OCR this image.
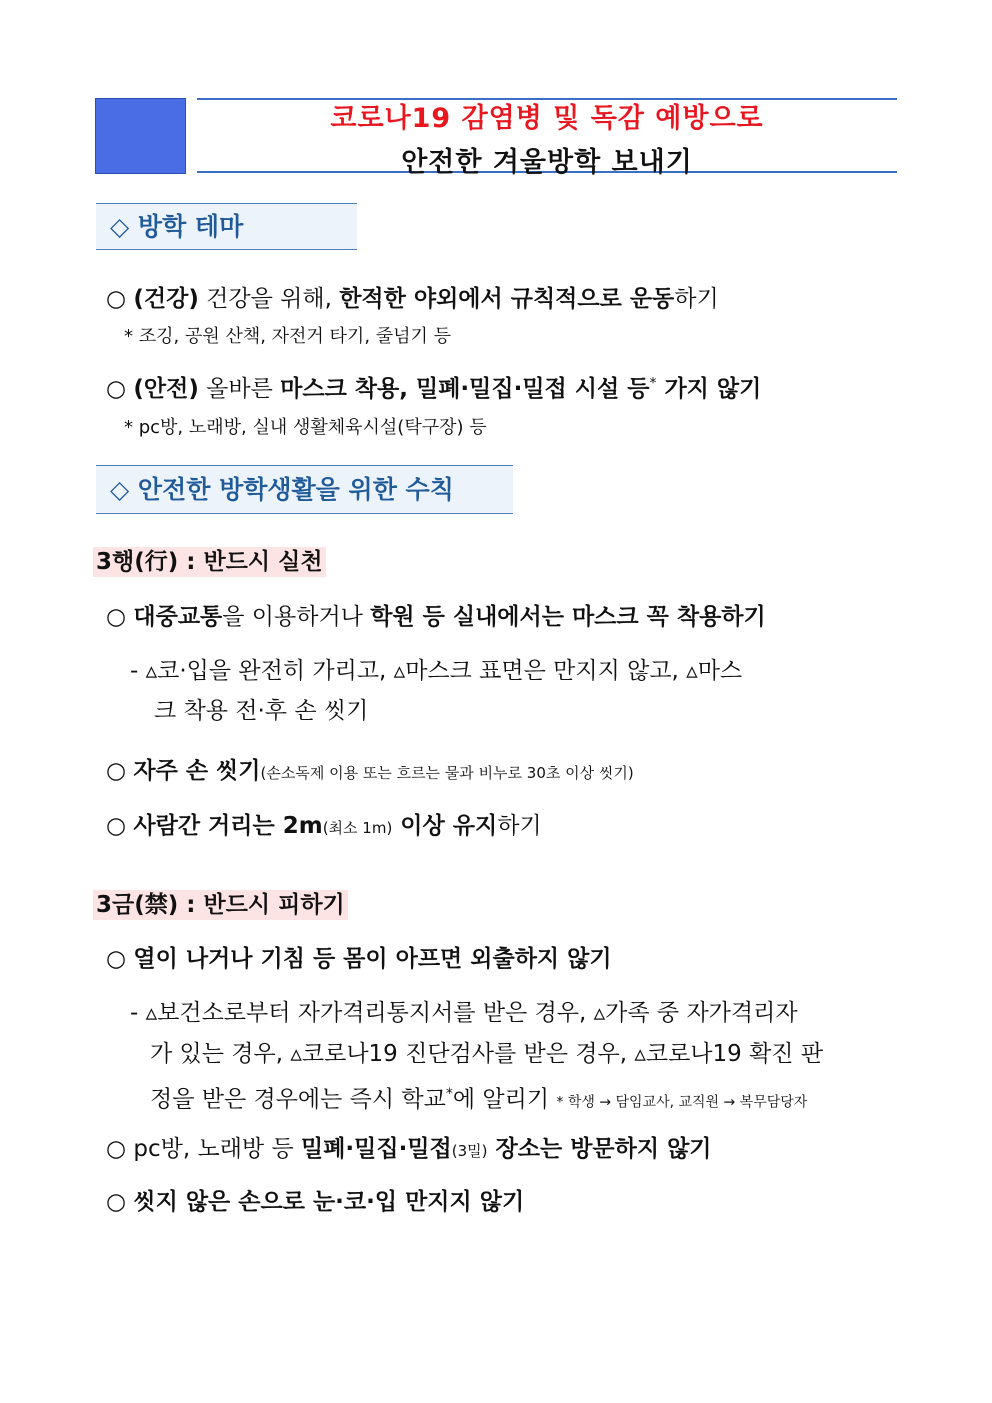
코로나19 감염병 및 독감 예방으로
안전한 겨울방학 보내기
◇ 방학 테마
○ (건강) 건강을 위해, 한적한 야외에서 규칙적으로 운동하기
* 조깅, 공원 산책, 자전거 타기, 줄넘기 등
○ (안전) 올바른 마스크 착용, 밀폐·밀집·밀접 시설 등* 가지 않기
* pc방, 노래방, 실내 생활체육시설(탁구장) 등
◇ 안전한 방학생활을 위한 수칙
3행(行) : 반드시 실천
○ 대중교통을 이용하거나 학원 등 실내에서는 마스크 꼭 착용하기
- ▵코·입을 완전히 가리고, ▵마스크 표면은 만지지 않고, ▵마스
크 착용 전·후 손 씻기
○ 자주 손 씻기(손소독제 이용 또는 흐르는 물과 비누로 30초 이상 씻기)
○ 사람간 거리는 2m(최소 1m) 이상 유지하기
3금(禁) : 반드시 피하기
○ 열이 나거나 기침 등 몸이 아프면 외출하지 않기
- ▵보건소로부터 자가격리통지서를 받은 경우, ▵가족 중 자가격리자
가 있는 경우, ▵코로나19 진단검사를 받은 경우, ▵코로나19 확진 판
정을 받은 경우에는 즉시 학교*에 알리기 * 학생 → 담임교사, 교직원 → 복무담당자
○ pc방, 노래방 등 밀폐·밀집·밀접(3밀) 장소는 방문하지 않기
○ 씻지 않은 손으로 눈·코·입 만지지 않기
